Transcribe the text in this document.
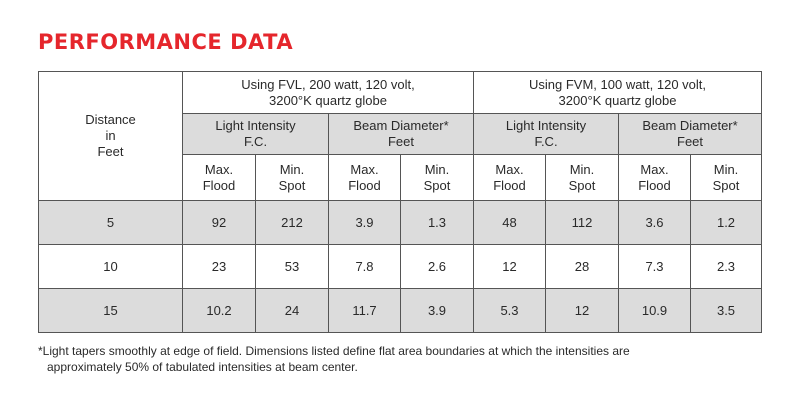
PERFORMANCE DATA
Distance
in
Feet	Using FVL, 200 watt, 120 volt,
3200°K quartz globe				Using FVM, 100 watt, 120 volt,
3200°K quartz globe			

	Light Intensity
F.C.		Beam Diameter*
Feet		Light Intensity
F.C.		Beam Diameter*
Feet	

	Max.
Flood	Min.
Spot	Max.
Flood	Min.
Spot	Max.
Flood	Min.
Spot	Max.
Flood	Min.
Spot

5	92	212	3.9	1.3	48	112	3.6	1.2
10	23	53	7.8	2.6	12	28	7.3	2.3
15	10.2	24	11.7	3.9	5.3	12	10.9	3.5
*Light tapers smoothly at edge of field. Dimensions listed define flat area boundaries at which the intensities are
approximately 50% of tabulated intensities at beam center.
